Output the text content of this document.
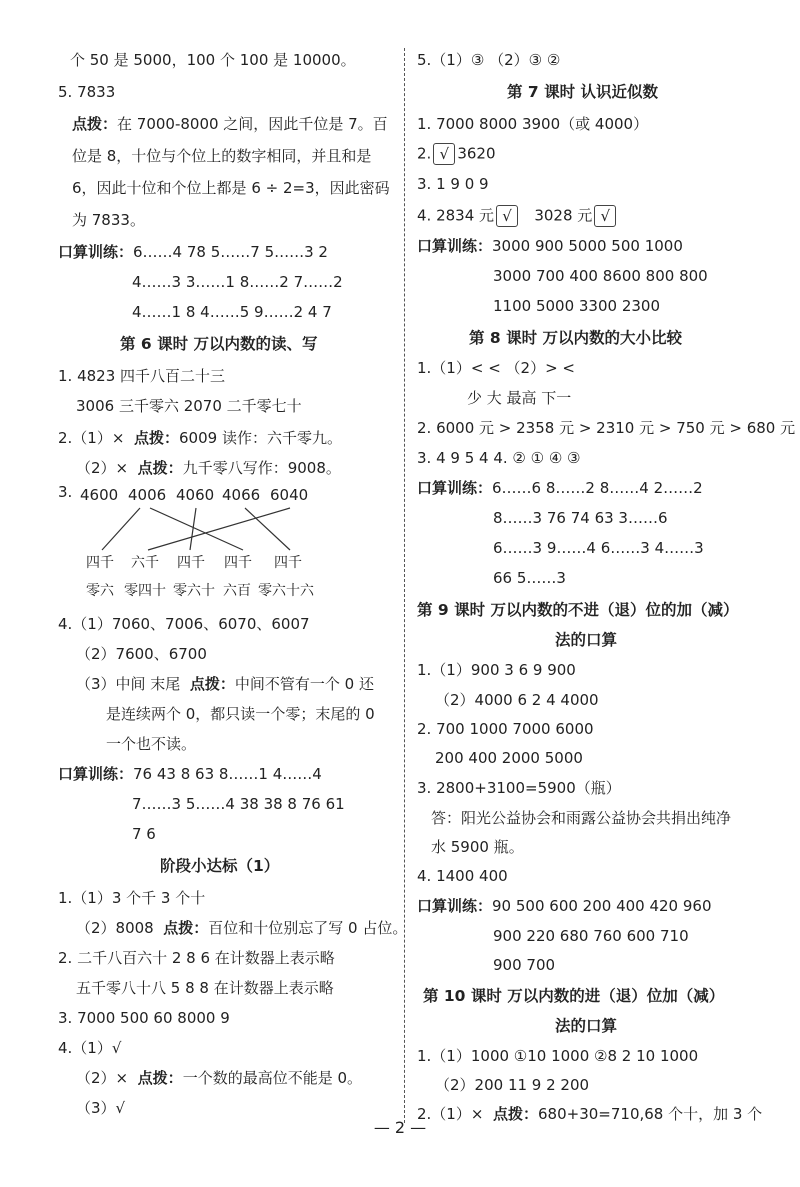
个 50 是 5000，100 个 100 是 10000。
5. 7833
点拨：在 7000-8000 之间，因此千位是 7。百
位是 8，十位与个位上的数字相同，并且和是
6，因此十位和个位上都是 6 ÷ 2=3，因此密码
为 7833。
口算训练：6……4 78 5……7 5……3 2
4……3 3……1 8……2 7……2
4……1 8 4……5 9……2 4 7
第 6 课时 万以内数的读、写
1. 4823 四千八百二十三
3006 三千零六 2070 二千零七十
2.（1）× 点拨：6009 读作：六千零九。
（2）× 点拨：九千零八写作：9008。
3. 4600 4006 4060 4066 6040
四千 六千 四千 四千 四千
零六 零四十 零六十 六百 零六十六
4.（1）7060、7006、6070、6007
（2）7600、6700
（3）中间 末尾 点拨：中间不管有一个 0 还
是连续两个 0，都只读一个零；末尾的 0
一个也不读。
口算训练：76 43 8 63 8……1 4……4
7……3 5……4 38 38 8 76 61
7 6
阶段小达标（1）
1.（1）3 个千 3 个十
（2）8008 点拨：百位和十位别忘了写 0 占位。
2. 二千八百六十 2 8 6 在计数器上表示略
五千零八十八 5 8 8 在计数器上表示略
3. 7000 500 60 8000 9
4.（1）√
（2）× 点拨：一个数的最高位不能是 0。
（3）√
5.（1）③ （2）③ ②
第 7 课时 认识近似数
1. 7000 8000 3900（或 4000）
2. √ 3620
3. 1 9 0 9
4. 2834 元 √ 3028 元 √
口算训练：3000 900 5000 500 1000
3000 700 400 8600 800 800
1100 5000 3300 2300
第 8 课时 万以内数的大小比较
1.（1）< < （2）> <
少 大 最高 下一
2. 6000 元 > 2358 元 > 2310 元 > 750 元 > 680 元
3. 4 9 5 4 4. ② ① ④ ③
口算训练：6……6 8……2 8……4 2……2
8……3 76 74 63 3……6
6……3 9……4 6……3 4……3
66 5……3
第 9 课时 万以内数的不进（退）位的加（减）
法的口算
1.（1）900 3 6 9 900
（2）4000 6 2 4 4000
2. 700 1000 7000 6000
200 400 2000 5000
3. 2800+3100=5900（瓶）
答：阳光公益协会和雨露公益协会共捐出纯净
水 5900 瓶。
4. 1400 400
口算训练：90 500 600 200 400 420 960
900 220 680 760 600 710
900 700
第 10 课时 万以内数的进（退）位加（减）
法的口算
1.（1）1000 ①10 1000 ②8 2 10 1000
（2）200 11 9 2 200
2.（1）× 点拨：680+30=710,68 个十，加 3 个
— 2 —
